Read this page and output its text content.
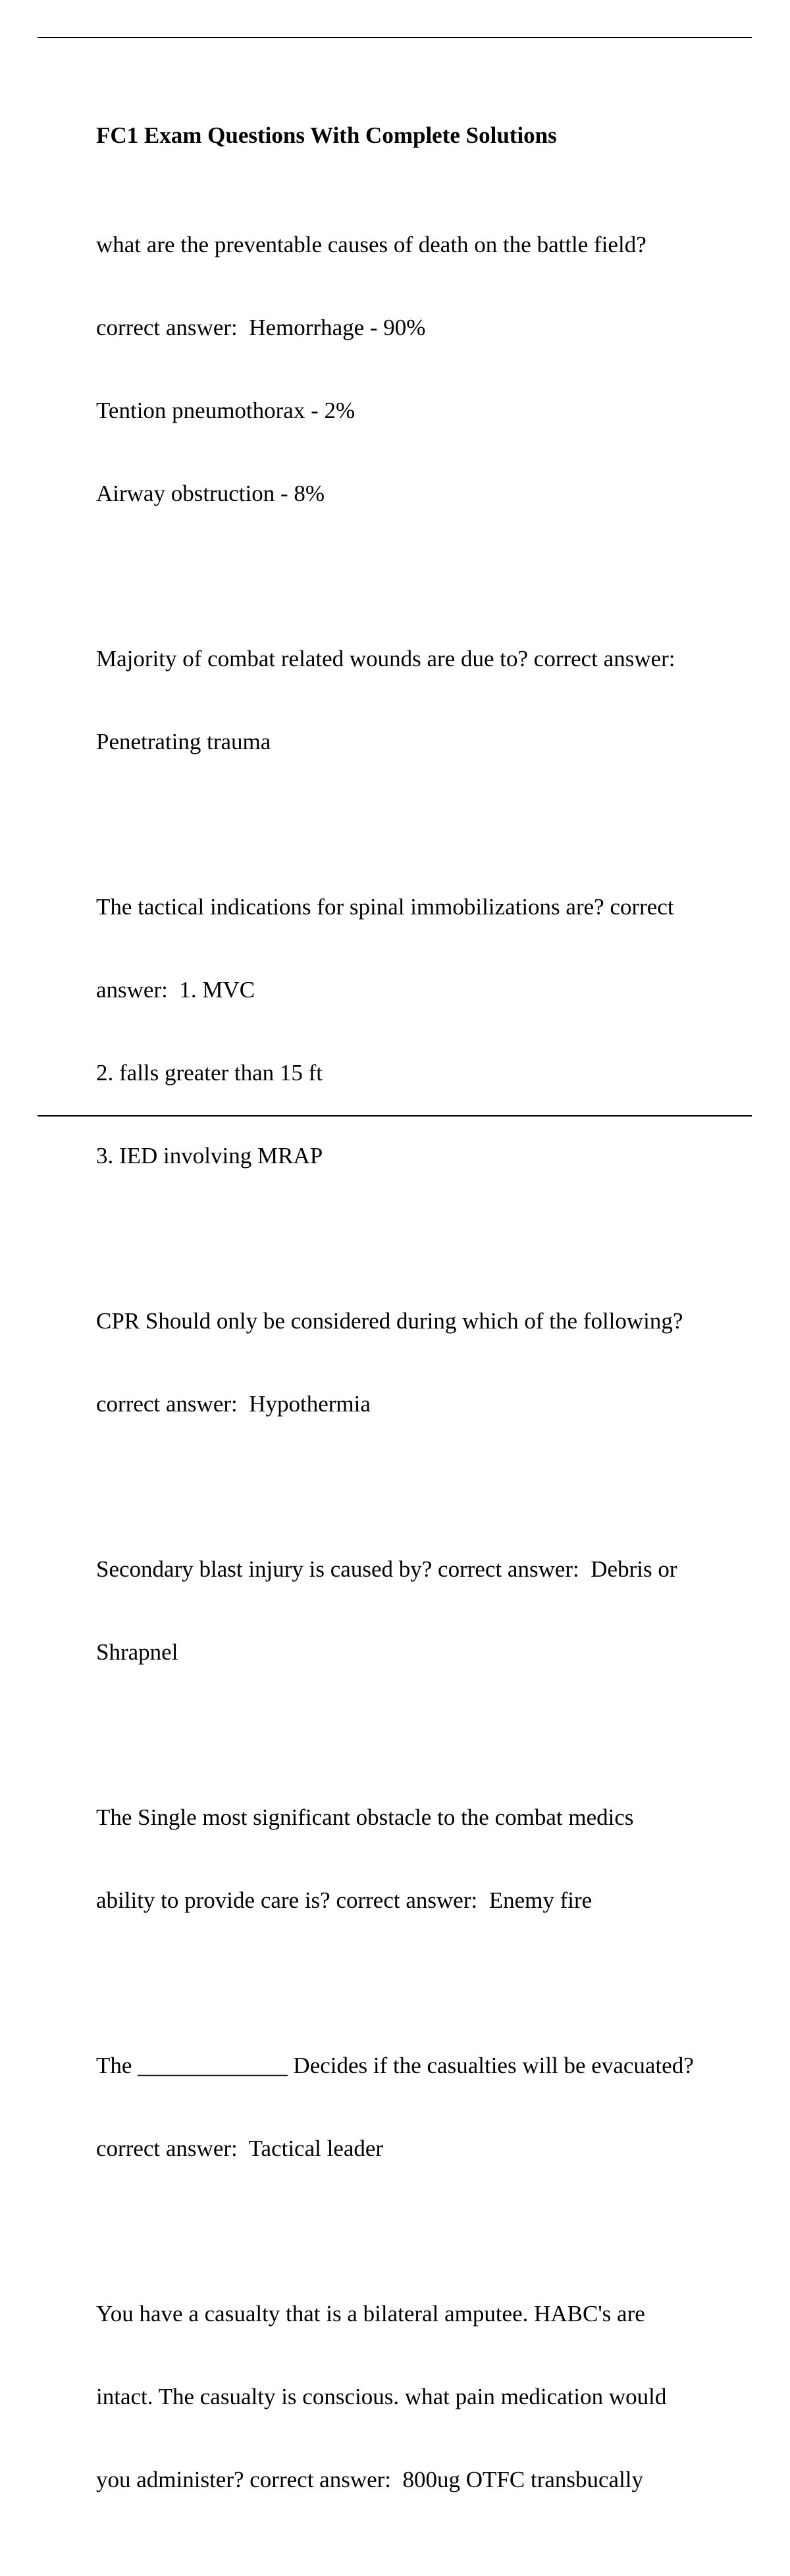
FC1 Exam Questions With Complete Solutions

what are the preventable causes of death on the battle field?

correct answer:  Hemorrhage - 90%

Tention pneumothorax - 2%

Airway obstruction - 8%

Majority of combat related wounds are due to? correct answer:

Penetrating trauma

The tactical indications for spinal immobilizations are? correct

answer:  1. MVC

2. falls greater than 15 ft

3. IED involving MRAP

CPR Should only be considered during which of the following?

correct answer:  Hypothermia

Secondary blast injury is caused by? correct answer:  Debris or

Shrapnel

The Single most significant obstacle to the combat medics

ability to provide care is? correct answer:  Enemy fire

The _____________ Decides if the casualties will be evacuated?

correct answer:  Tactical leader

You have a casualty that is a bilateral amputee. HABC's are

intact. The casualty is conscious. what pain medication would

you administer? correct answer:  800ug OTFC transbucally
